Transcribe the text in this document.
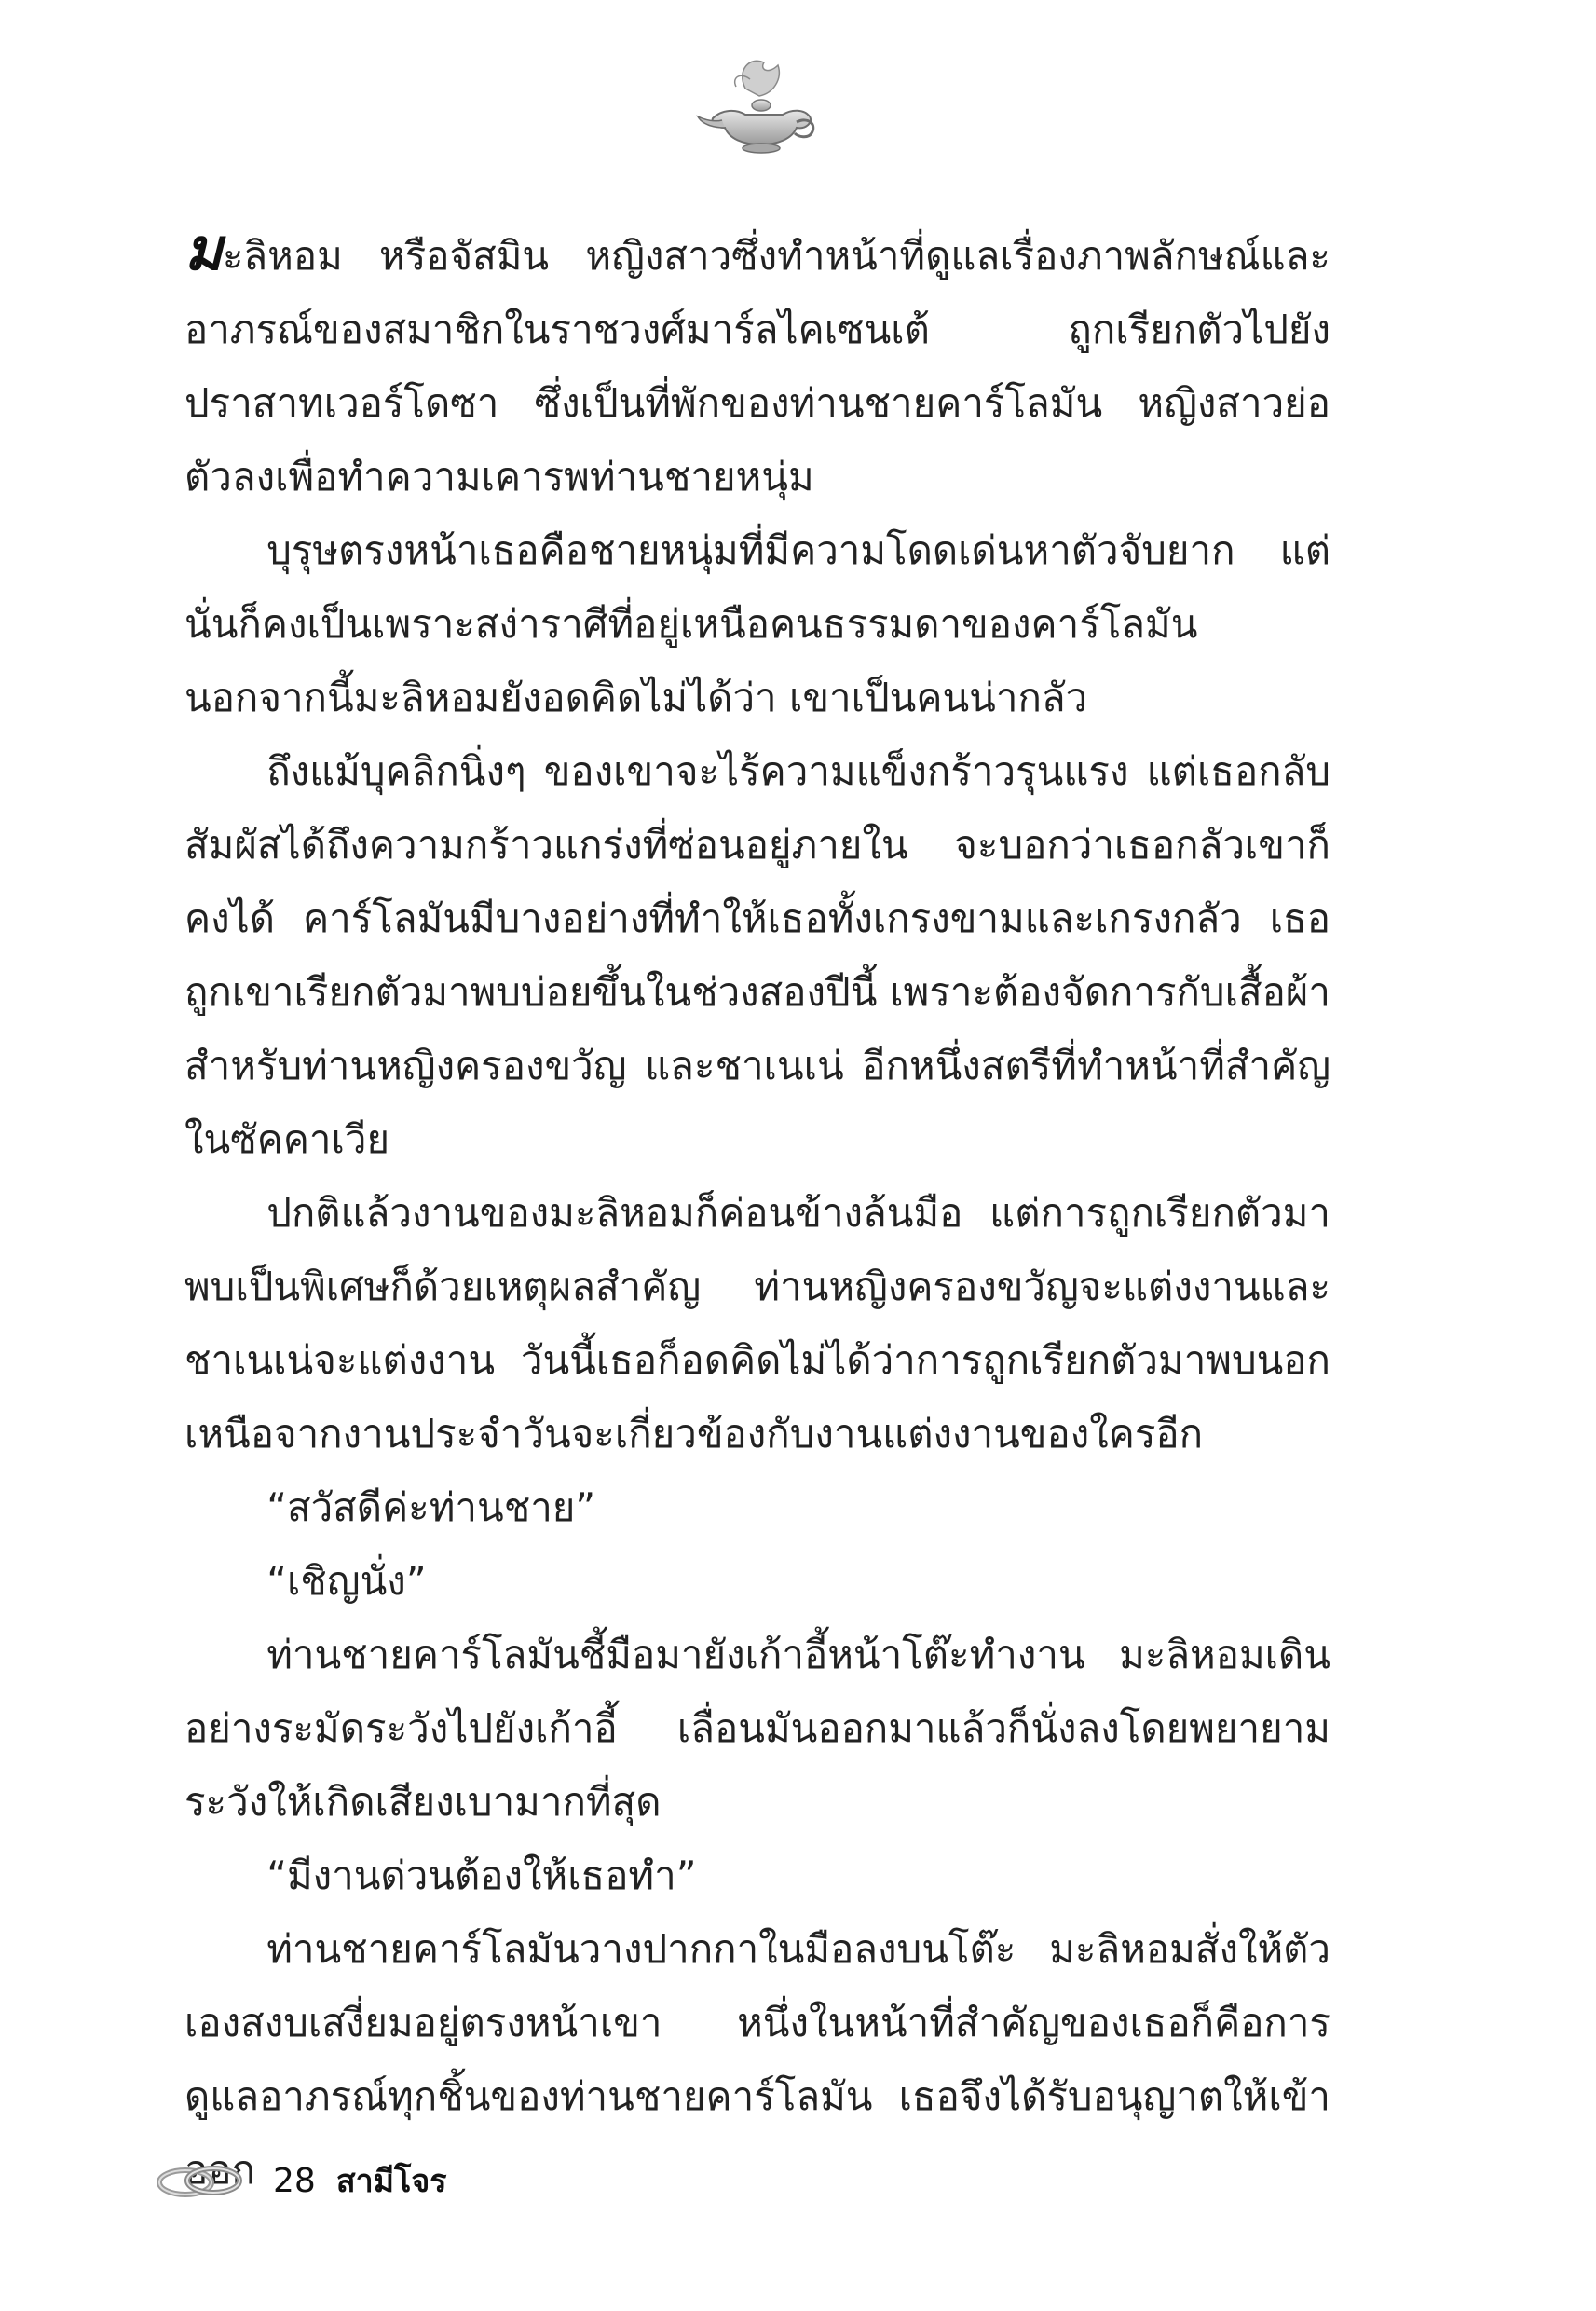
มะลิหอม หรือจัสมิน หญิงสาวซึ่งทำหน้าที่ดูแลเรื่องภาพลักษณ์และอาภรณ์ของสมาชิกในราชวงศ์มาร์ลไคเซนเต้ ถูกเรียกตัวไปยังปราสาทเวอร์โดซา ซึ่งเป็นที่พักของท่านชายคาร์โลมัน หญิงสาวย่อตัวลงเพื่อทำความเคารพท่านชายหนุ่ม

บุรุษตรงหน้าเธอคือชายหนุ่มที่มีความโดดเด่นหาตัวจับยาก แต่นั่นก็คงเป็นเพราะสง่าราศีที่อยู่เหนือคนธรรมดาของคาร์โลมัน นอกจากนี้มะลิหอมยังอดคิดไม่ได้ว่า เขาเป็นคนน่ากลัว

ถึงแม้บุคลิกนิ่งๆ ของเขาจะไร้ความแข็งกร้าวรุนแรง แต่เธอกลับสัมผัสได้ถึงความกร้าวแกร่งที่ซ่อนอยู่ภายใน จะบอกว่าเธอกลัวเขาก็คงได้ คาร์โลมันมีบางอย่างที่ทำให้เธอทั้งเกรงขามและเกรงกลัว เธอถูกเขาเรียกตัวมาพบบ่อยขึ้นในช่วงสองปีนี้ เพราะต้องจัดการกับเสื้อผ้าสำหรับท่านหญิงครองขวัญ และชาเนเน่ อีกหนึ่งสตรีที่ทำหน้าที่สำคัญในซัคคาเวีย

ปกติแล้วงานของมะลิหอมก็ค่อนข้างล้นมือ แต่การถูกเรียกตัวมาพบเป็นพิเศษก็ด้วยเหตุผลสำคัญ ท่านหญิงครองขวัญจะแต่งงานและชาเนเน่จะแต่งงาน วันนี้เธอก็อดคิดไม่ได้ว่าการถูกเรียกตัวมาพบนอกเหนือจากงานประจำวันจะเกี่ยวข้องกับงานแต่งงานของใครอีก

“สวัสดีค่ะท่านชาย”

“เชิญนั่ง”

ท่านชายคาร์โลมันชี้มือมายังเก้าอี้หน้าโต๊ะทำงาน มะลิหอมเดินอย่างระมัดระวังไปยังเก้าอี้ เลื่อนมันออกมาแล้วก็นั่งลงโดยพยายามระวังให้เกิดเสียงเบามากที่สุด

“มีงานด่วนต้องให้เธอทำ”

ท่านชายคาร์โลมันวางปากกาในมือลงบนโต๊ะ มะลิหอมสั่งให้ตัวเองสงบเสงี่ยมอยู่ตรงหน้าเขา หนึ่งในหน้าที่สำคัญของเธอก็คือการดูแลอาภรณ์ทุกชิ้นของท่านชายคาร์โลมัน เธอจึงได้รับอนุญาตให้เข้าออก 28 สามีโจร
